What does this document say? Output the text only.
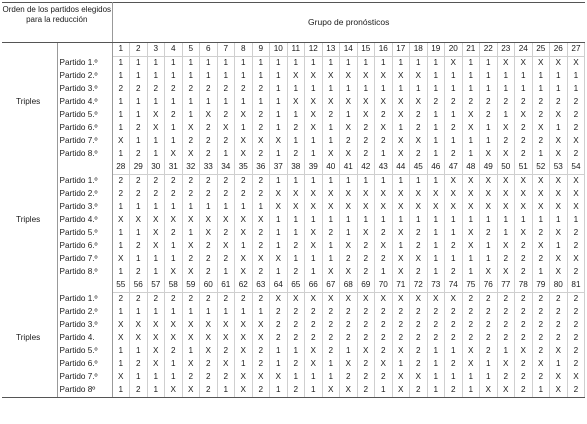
Orden de los partidos elegidos para la reducción		Grupo de pronósticos																										
Triples		1	2	3	4	5	6	7	8	9	10	11	12	13	14	15	16	17	18	19	20	21	22	23	24	25	26	27
	Partido 1.º	1	1	1	1	1	1	1	1	1	1	1	1	1	1	1	1	1	1	1	X	1	1	X	X	X	X	X
	Partido 2.º	1	1	1	1	1	1	1	1	1	1	X	X	X	X	X	X	X	X	1	1	1	1	1	1	1	1	1
	Partido 3.º	2	2	2	2	2	2	2	2	2	1	1	1	1	1	1	1	1	1	1	1	1	1	1	1	1	1	1
	Partido 4.º	1	1	1	1	1	1	1	1	1	1	X	X	X	X	X	X	X	X	2	2	2	2	2	2	2	2	2
	Partido 5.º	1	1	X	2	1	X	2	X	2	1	1	X	2	1	X	2	X	2	1	1	X	2	1	X	2	X	2
	Partido 6.º	1	2	X	1	X	2	X	1	2	1	2	X	1	X	2	X	1	2	1	2	X	1	X	2	X	1	2
	Partido 7.º	X	1	1	1	2	2	2	X	X	X	1	1	1	2	2	2	X	X	1	1	1	1	2	2	2	X	X
	Partido 8.º	1	2	1	X	X	2	1	X	2	1	2	1	X	X	2	1	X	2	1	2	1	X	X	2	1	X	2
Triples		28	29	30	31	32	33	34	35	36	37	38	39	40	41	42	43	44	45	46	47	48	49	50	51	52	53	54
	Partido 1.º	2	2	2	2	2	2	2	2	2	1	1	1	1	1	1	1	1	1	1	X	X	X	X	X	X	X	X
	Partido 2.º	2	2	2	2	2	2	2	2	2	X	X	X	X	X	X	X	X	X	X	X	X	X	X	X	X	X	X
	Partido 3.º	1	1	1	1	1	1	1	1	1	X	X	X	X	X	X	X	X	X	X	X	X	X	X	X	X	X	X
	Partido 4.º	X	X	X	X	X	X	X	X	X	1	1	1	1	1	1	1	1	1	1	1	1	1	1	1	1	1	1
	Partido 5.º	1	1	X	2	1	X	2	X	2	1	1	X	2	1	X	2	X	2	1	1	X	2	1	X	2	X	2
	Partido 6.º	1	2	X	1	X	2	X	1	2	1	2	X	1	X	2	X	1	2	1	2	X	1	X	2	X	1	2
	Partido 7.º	X	1	1	1	2	2	2	X	X	X	1	1	1	2	2	2	X	X	1	1	1	1	2	2	2	X	X
	Partido 8.º	1	2	1	X	X	2	1	X	2	1	2	1	X	X	2	1	X	2	1	2	1	X	X	2	1	X	2
Triples		55	56	57	58	59	60	61	62	63	64	65	66	67	68	69	70	71	72	73	74	75	76	77	78	79	80	81
	Partido 1.º	2	2	2	2	2	2	2	2	2	X	X	X	X	X	X	X	X	X	X	X	2	2	2	2	2	2	2
	Partido 2.º	1	1	1	1	1	1	1	1	1	2	2	2	2	2	2	2	2	2	2	2	2	2	2	2	2	2	2
	Partido 3.º	X	X	X	X	X	X	X	X	X	2	2	2	2	2	2	2	2	2	2	2	2	2	2	2	2	2	2
	Partido 4.	X	X	X	X	X	X	X	X	X	2	2	2	2	2	2	2	2	2	2	2	2	2	2	2	2	2	2
	Partido 5.º	1	1	X	2	1	X	2	X	2	1	1	X	2	1	X	2	X	2	1	1	X	2	1	X	2	X	2
	Partido 6.º	1	2	X	1	X	2	X	1	2	1	2	X	1	X	2	X	1	2	1	2	X	1	X	2	X	1	2
	Partido 7.º	X	1	1	1	2	2	2	X	X	X	1	1	1	2	2	2	X	X	1	1	1	1	2	2	2	X	X
	Partido 8º	1	2	1	X	X	2	1	X	2	1	2	1	X	X	2	1	X	2	1	2	1	X	X	2	1	X	2
